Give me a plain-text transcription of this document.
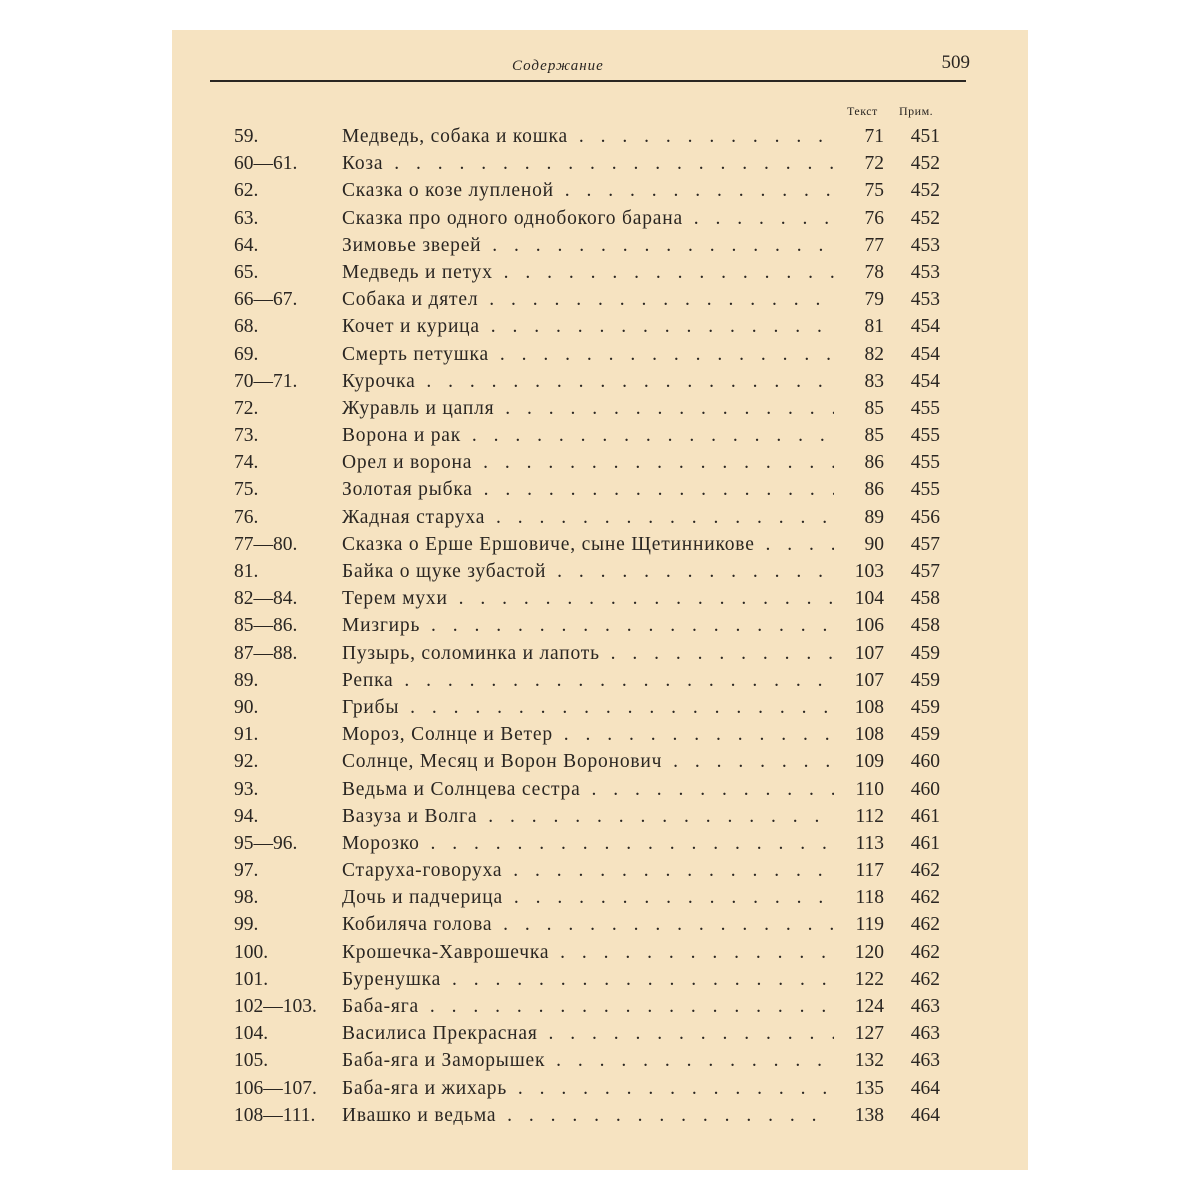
Содержание	509
Текст Прим.
59.	Медведь, собака и кошка . . .	71	451
60—61. Коза . . .	72	452
62.	Сказка о козе лупленой . . .	75	452
63.	Сказка про одного однобокого барана . . .	76	452
64.	Зимовье зверей . . .	77	453
65.	Медведь и петух . . .	78	453
66—67. Собака и дятел . . .	79	453
68.	Кочет и курица . . .	81	454
69.	Смерть петушка . . .	82	454
70—71. Курочка . . .	83	454
72.	Журавль и цапля . . .	85	455
73.	Ворона и рак . . .	85	455
74.	Орел и ворона . . .	86	455
75.	Золотая рыбка . . .	86	455
76.	Жадная старуха . . .	89	456
77—80. Сказка о Ерше Ершовиче, сыне Щетинникове . . .	90	457
81.	Байка о щуке зубастой . . .	103	457
82—84. Терем мухи . . .	104	458
85—86. Мизгирь . . .	106	458
87—88. Пузырь, соломинка и лапоть . . .	107	459
89.	Репка . . .	107	459
90.	Грибы . . .	108	459
91.	Мороз, Солнце и Ветер . . .	108	459
92.	Солнце, Месяц и Ворон Воронович . . .	109	460
93.	Ведьма и Солнцева сестра . . .	110	460
94.	Вазуза и Волга . . .	112	461
95—96. Морозко . . .	113	461
97.	Старуха-говоруха . . .	117	462
98.	Дочь и падчерица . . .	118	462
99.	Кобиляча голова . . .	119	462
100.	Крошечка-Хаврошечка . . .	120	462
101.	Буренушка . . .	122	462
102—103. Баба-яга . . .	124	463
104.	Василиса Прекрасная . . .	127	463
105.	Баба-яга и Заморышек . . .	132	463
106—107. Баба-яга и жихарь . . .	135	464
108—111. Ивашко и ведьма . . .	138	464
